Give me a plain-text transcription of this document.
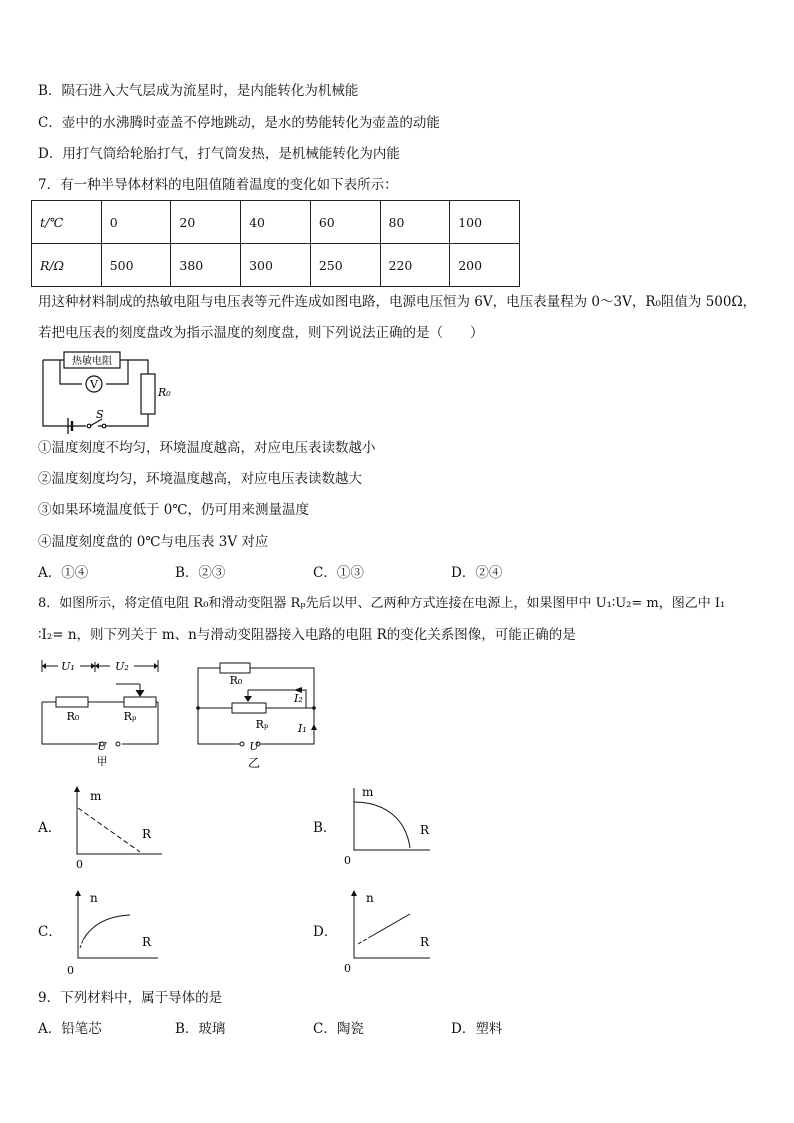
B．陨石进入大气层成为流星时，是内能转化为机械能
C．壶中的水沸腾时壶盖不停地跳动，是水的势能转化为壶盖的动能
D．用打气筒给轮胎打气，打气筒发热，是机械能转化为内能
7．有一种半导体材料的电阻值随着温度的变化如下表所示：
t/℃	0	20	40	60	80	100
R/Ω	500	380	300	250	220	200
用这种材料制成的热敏电阻与电压表等元件连成如图电路，电源电压恒为 6V，电压表量程为 0～3V，R₀阻值为 500Ω，
若把电压表的刻度盘改为指示温度的刻度盘，则下列说法正确的是（　　）
热敏电阻
V
R₀
S
①温度刻度不均匀，环境温度越高，对应电压表读数越小
②温度刻度均匀，环境温度越高，对应电压表读数越大
③如果环境温度低于 0℃，仍可用来测量温度
④温度刻度盘的 0℃与电压表 3V 对应
A．①④	B．②③	C．①③	D．②④
8．如图所示，将定值电阻 R₀和滑动变阻器 Rₚ先后以甲、乙两种方式连接在电源上，如果图甲中 U₁∶U₂= m，图乙中 I₁
∶I₂= n，则下列关于 m、n与滑动变阻器接入电路的电阻 R的变化关系图像，可能正确的是
U₁	U₂
R₀	Rₚ
U
甲
R₀
Rₚ
I₂
I₁
U
乙
A．
m
R
0
B．
m
R
0
C．
n
R
0
D．
n
R
0
9．下列材料中，属于导体的是
A．铅笔芯	B．玻璃	C．陶瓷	D．塑料
